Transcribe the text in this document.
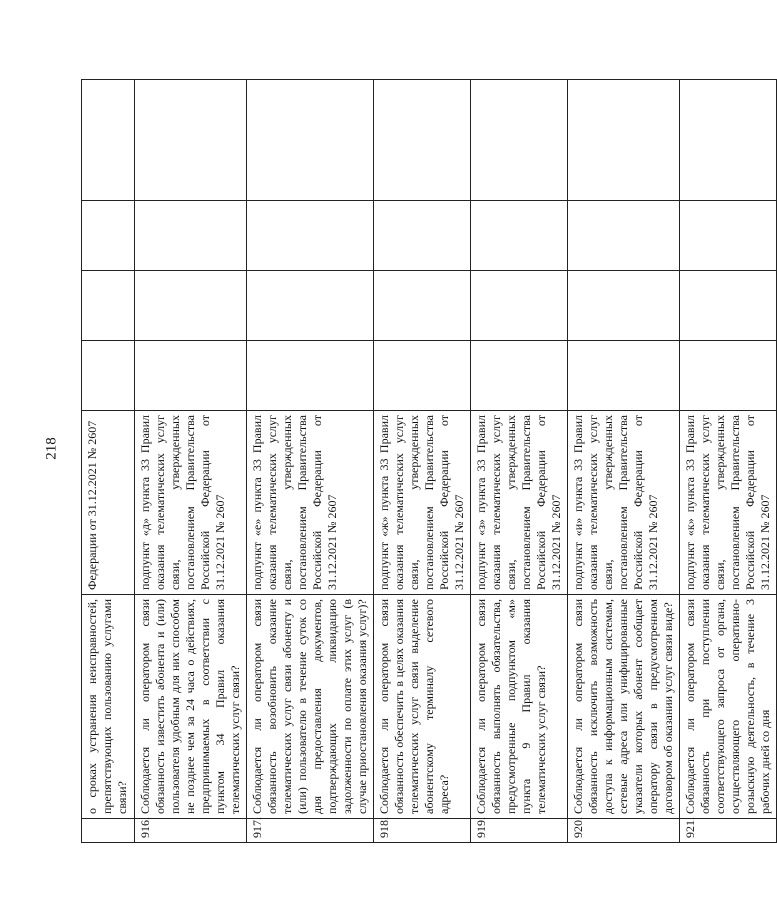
218
	о сроках устранения неисправностей, препятствующих пользованию услугами связи?	Федерации от 31.12.2021 № 2607				
916.	Соблюдается ли оператором связи обязанность известить абонента и (или) пользователя удобным для них способом не позднее чем за 24 часа о действиях, предпринимаемых в соответствии с пунктом 34 Правил оказания телематических услуг связи?	подпункт «д» пункта 33 Правил оказания телематических услуг связи, утвержденных постановлением Правительства Российской Федерации от 31.12.2021 № 2607				
917.	Соблюдается ли оператором связи обязанность возобновить оказание телематических услуг связи абоненту и (или) пользователю в течение суток со дня предоставления документов, подтверждающих ликвидацию задолженности по оплате этих услуг (в случае приостановления оказания услуг)?	подпункт «е» пункта 33 Правил оказания телематических услуг связи, утвержденных постановлением Правительства Российской Федерации от 31.12.2021 № 2607				
918.	Соблюдается ли оператором связи обязанность обеспечить в целях оказания телематических услуг связи выделение абонентскому терминалу сетевого адреса?	подпункт «ж» пункта 33 Правил оказания телематических услуг связи, утвержденных постановлением Правительства Российской Федерации от 31.12.2021 № 2607				
919.	Соблюдается ли оператором связи обязанность выполнять обязательства, предусмотренные подпунктом «м» пункта 9 Правил оказания телематических услуг связи?	подпункт «з» пункта 33 Правил оказания телематических услуг связи, утвержденных постановлением Правительства Российской Федерации от 31.12.2021 № 2607				
920.	Соблюдается ли оператором связи обязанность исключить возможность доступа к информационным системам, сетевые адреса или унифицированные указатели которых абонент сообщает оператору связи в предусмотренном договором об оказании услуг связи виде?	подпункт «и» пункта 33 Правил оказания телематических услуг связи, утвержденных постановлением Правительства Российской Федерации от 31.12.2021 № 2607				
921.	Соблюдается ли оператором связи обязанность при поступлении соответствующего запроса от органа, осуществляющего оперативно-розыскную деятельность, в течение 3 рабочих дней со дня	подпункт «к» пункта 33 Правил оказания телематических услуг связи, утвержденных постановлением Правительства Российской Федерации от 31.12.2021 № 2607				
